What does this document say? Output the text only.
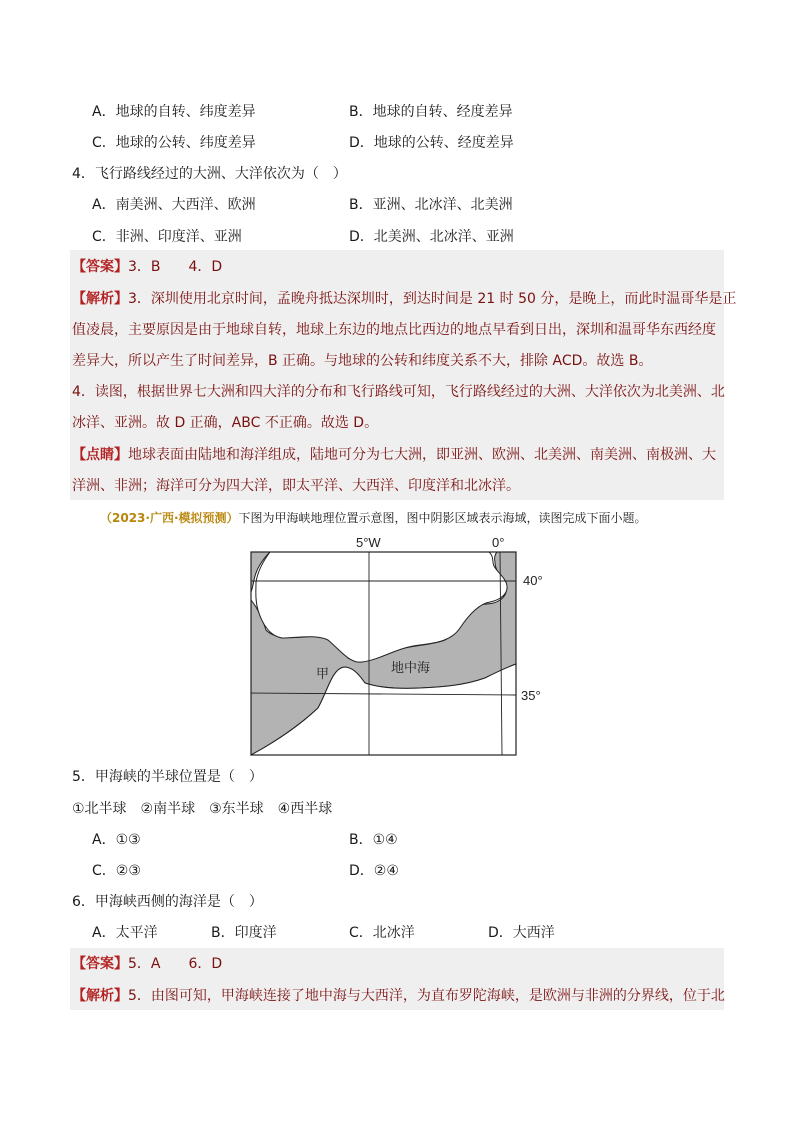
A．地球的自转、纬度差异	B．地球的自转、经度差异
C．地球的公转、纬度差异	D．地球的公转、经度差异
4．飞行路线经过的大洲、大洋依次为（　）
A．南美洲、大西洋、欧洲	B．亚洲、北冰洋、北美洲
C．非洲、印度洋、亚洲	D．北美洲、北冰洋、亚洲
【答案】3．B　　4．D
【解析】3．深圳使用北京时间，孟晚舟抵达深圳时，到达时间是 21 时 50 分，是晚上，而此时温哥华是正
值凌晨，主要原因是由于地球自转，地球上东边的地点比西边的地点早看到日出，深圳和温哥华东西经度
差异大，所以产生了时间差异，B 正确。与地球的公转和纬度关系不大，排除 ACD。故选 B。
4．读图，根据世界七大洲和四大洋的分布和飞行路线可知，飞行路线经过的大洲、大洋依次为北美洲、北
冰洋、亚洲。故 D 正确，ABC 不正确。故选 D。
【点睛】地球表面由陆地和海洋组成，陆地可分为七大洲，即亚洲、欧洲、北美洲、南美洲、南极洲、大
洋洲、非洲；海洋可分为四大洋，即太平洋、大西洋、印度洋和北冰洋。
（2023·广西·模拟预测）下图为甲海峡地理位置示意图，图中阴影区域表示海域，读图完成下面小题。
5°W	0°
40°
35°
甲	地中海
5．甲海峡的半球位置是（　）
①北半球　②南半球　③东半球　④西半球
A．①③	B．①④
C．②③	D．②④
6．甲海峡西侧的海洋是（　）
A．太平洋	B．印度洋	C．北冰洋	D．大西洋
【答案】5．A　　6．D
【解析】5．由图可知，甲海峡连接了地中海与大西洋，为直布罗陀海峡，是欧洲与非洲的分界线，位于北
